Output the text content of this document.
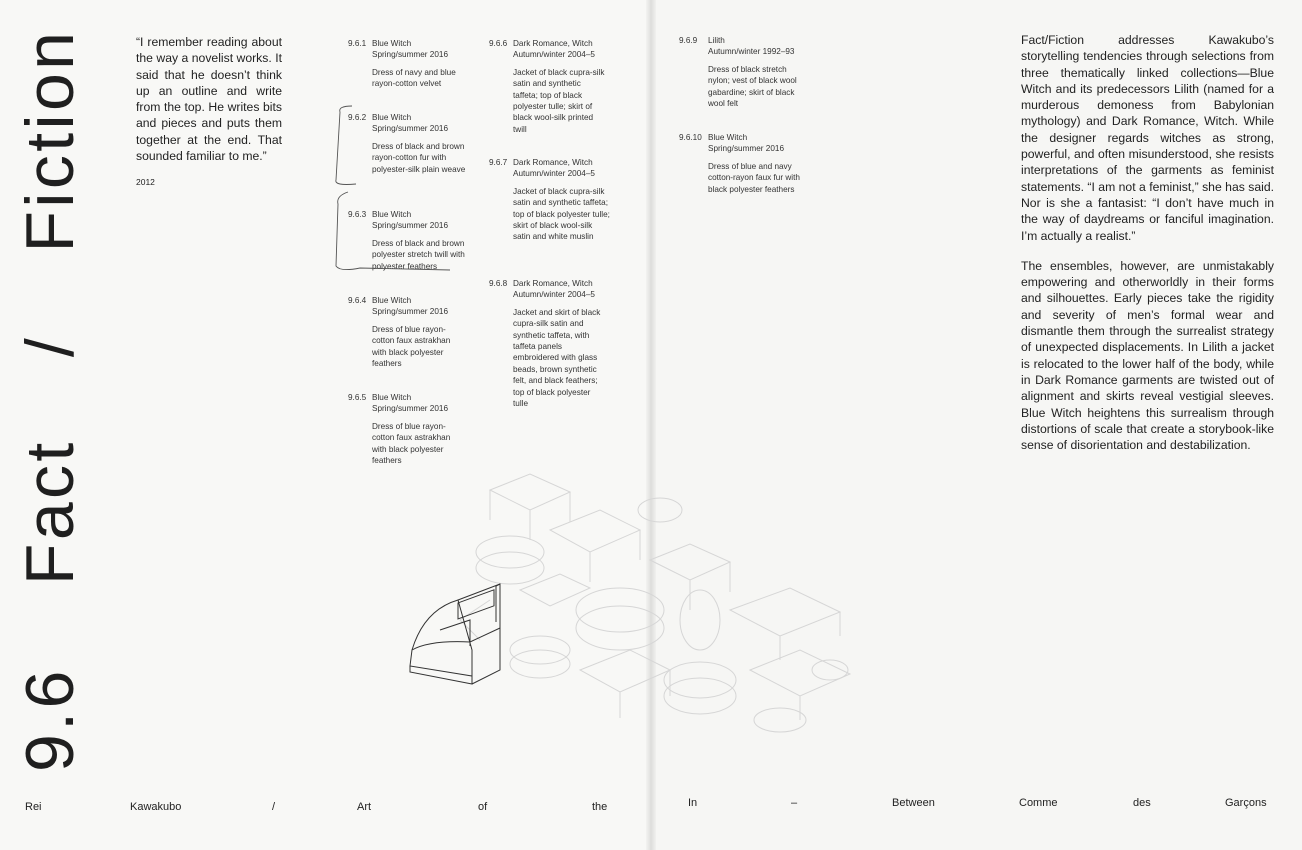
9.6 Fact / Fiction	“I remember reading about the way a novelist works. It said that he doesn’t think up an outline and write from the top. He writes bits and pieces and puts them together at the end. That sounded familiar to me.”
2012
9.6.1 Blue Witch
Spring/summer 2016
Dress of navy and blue rayon-cotton velvet
9.6.2 Blue Witch
Spring/summer 2016
Dress of black and brown rayon-cotton fur with polyester-silk plain weave
9.6.3 Blue Witch
Spring/summer 2016
Dress of black and brown polyester stretch twill with polyester feathers
9.6.4 Blue Witch
Spring/summer 2016
Dress of blue rayon-cotton faux astrakhan with black polyester feathers
9.6.5 Blue Witch
Spring/summer 2016
Dress of blue rayon-cotton faux astrakhan with black polyester feathers
9.6.6 Dark Romance, Witch
Autumn/winter 2004–5
Jacket of black cupra-silk satin and synthetic taffeta; top of black polyester tulle; skirt of black wool-silk printed twill
9.6.7 Dark Romance, Witch
Autumn/winter 2004–5
Jacket of black cupra-silk satin and synthetic taffeta; top of black polyester tulle; skirt of black wool-silk satin and white muslin
9.6.8 Dark Romance, Witch
Autumn/winter 2004–5
Jacket and skirt of black cupra-silk satin and synthetic taffeta, with taffeta panels embroidered with glass beads, brown synthetic felt, and black feathers; top of black polyester tulle
9.6.9 Lilith
Autumn/winter 1992–93
Dress of black stretch nylon; vest of black wool gabardine; skirt of black wool felt
9.6.10 Blue Witch
Spring/summer 2016
Dress of blue and navy cotton-rayon faux fur with black polyester feathers

Fact/Fiction addresses Kawakubo’s storytelling tendencies through selections from three thematically linked collections—Blue Witch and its predecessors Lilith (named for a murderous demoness from Babylonian mythology) and Dark Romance, Witch. While the designer regards witches as strong, powerful, and often misunderstood, she resists interpretations of the garments as feminist statements. “I am not a feminist,” she has said. Nor is she a fantasist: “I don’t have much in the way of daydreams or fanciful imagination. I’m actually a realist.”

The ensembles, however, are unmistakably empowering and otherworldly in their forms and silhouettes. Early pieces take the rigidity and severity of men’s formal wear and dismantle them through the surrealist strategy of unexpected displacements. In Lilith a jacket is relocated to the lower half of the body, while in Dark Romance garments are twisted out of alignment and skirts reveal vestigial sleeves. Blue Witch heightens this surrealism through distortions of scale that create a storybook-like sense of disorientation and destabilization.

Rei	Kawakubo	/	Art	of	the	In	–	Between	Comme	des	Garçons
